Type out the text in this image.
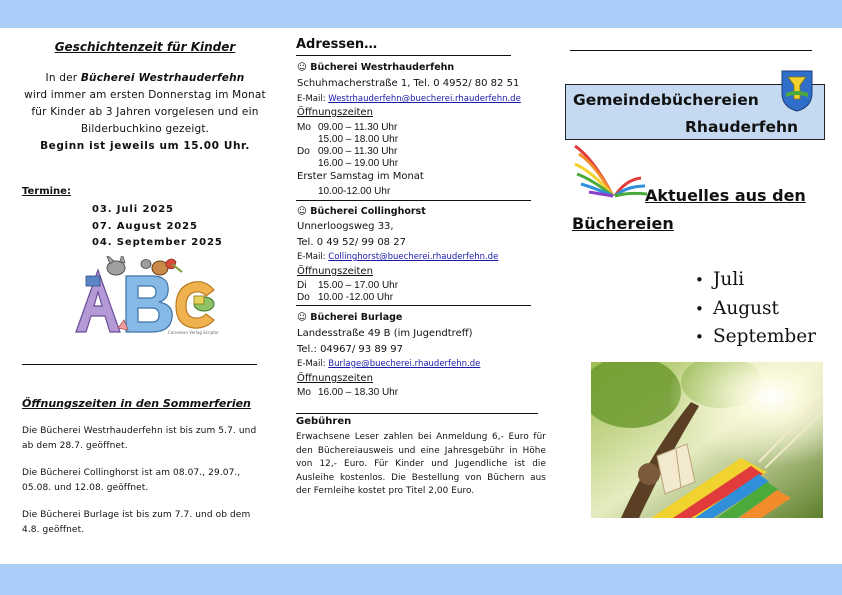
Geschichtenzeit für Kinder
In der Bücherei Westrhauderfehn
wird immer am ersten Donnerstag im Monat
für Kinder ab 3 Jahren vorgelesen und ein
Bilderbuchkino gezeigt.
Beginn ist jeweils um 15.00 Uhr.
Termine:
03. Juli 2025
07. August 2025
04. September 2025
Cornelsen Verlag Scriptor
Öffnungszeiten in den Sommerferien
Die Bücherei Westrhauderfehn ist bis zum 5.7. und ab dem 28.7. geöffnet.
Die Bücherei Collinghorst ist am 08.07., 29.07., 05.08. und 12.08. geöffnet.
Die Bücherei Burlage ist bis zum 7.7. und ob dem 4.8. geöffnet.
Adressen…
☺ Bücherei Westrhauderfehn
Schuhmacherstraße 1, Tel. 0 4952/ 80 82 51
E-Mail: Westrhauderfehn@buecherei.rhauderfehn.de
Öffnungszeiten
Mo 09.00 – 11.30 Uhr
15.00 – 18.00 Uhr
Do 09.00 – 11.30 Uhr
16.00 – 19.00 Uhr
Erster Samstag im Monat
10.00-12.00 Uhr
☺ Bücherei Collinghorst
Unnerloogsweg 33,
Tel. 0 49 52/ 99 08 27
E-Mail: Collinghorst@buecherei.rhauderfehn.de
Öffnungszeiten
Di 15.00 – 17.00 Uhr
Do 10.00 -12.00 Uhr
☺ Bücherei Burlage
Landesstraße 49 B (im Jugendtreff)
Tel.: 04967/ 93 89 97
E-Mail: Burlage@buecherei.rhauderfehn.de
Öffnungszeiten
Mo 16.00 – 18.30 Uhr
Gebühren
Erwachsene Leser zahlen bei Anmeldung 6,- Euro für den Büchereiausweis und eine Jahresgebühr in Höhe von 12,- Euro. Für Kinder und Jugendliche ist die Ausleihe kostenlos. Die Bestellung von Büchern aus der Fernleihe kostet pro Titel 2,00 Euro.
Gemeindebüchereien
Rhauderfehn
Aktuelles aus den
Büchereien
• Juli
• August
• September
